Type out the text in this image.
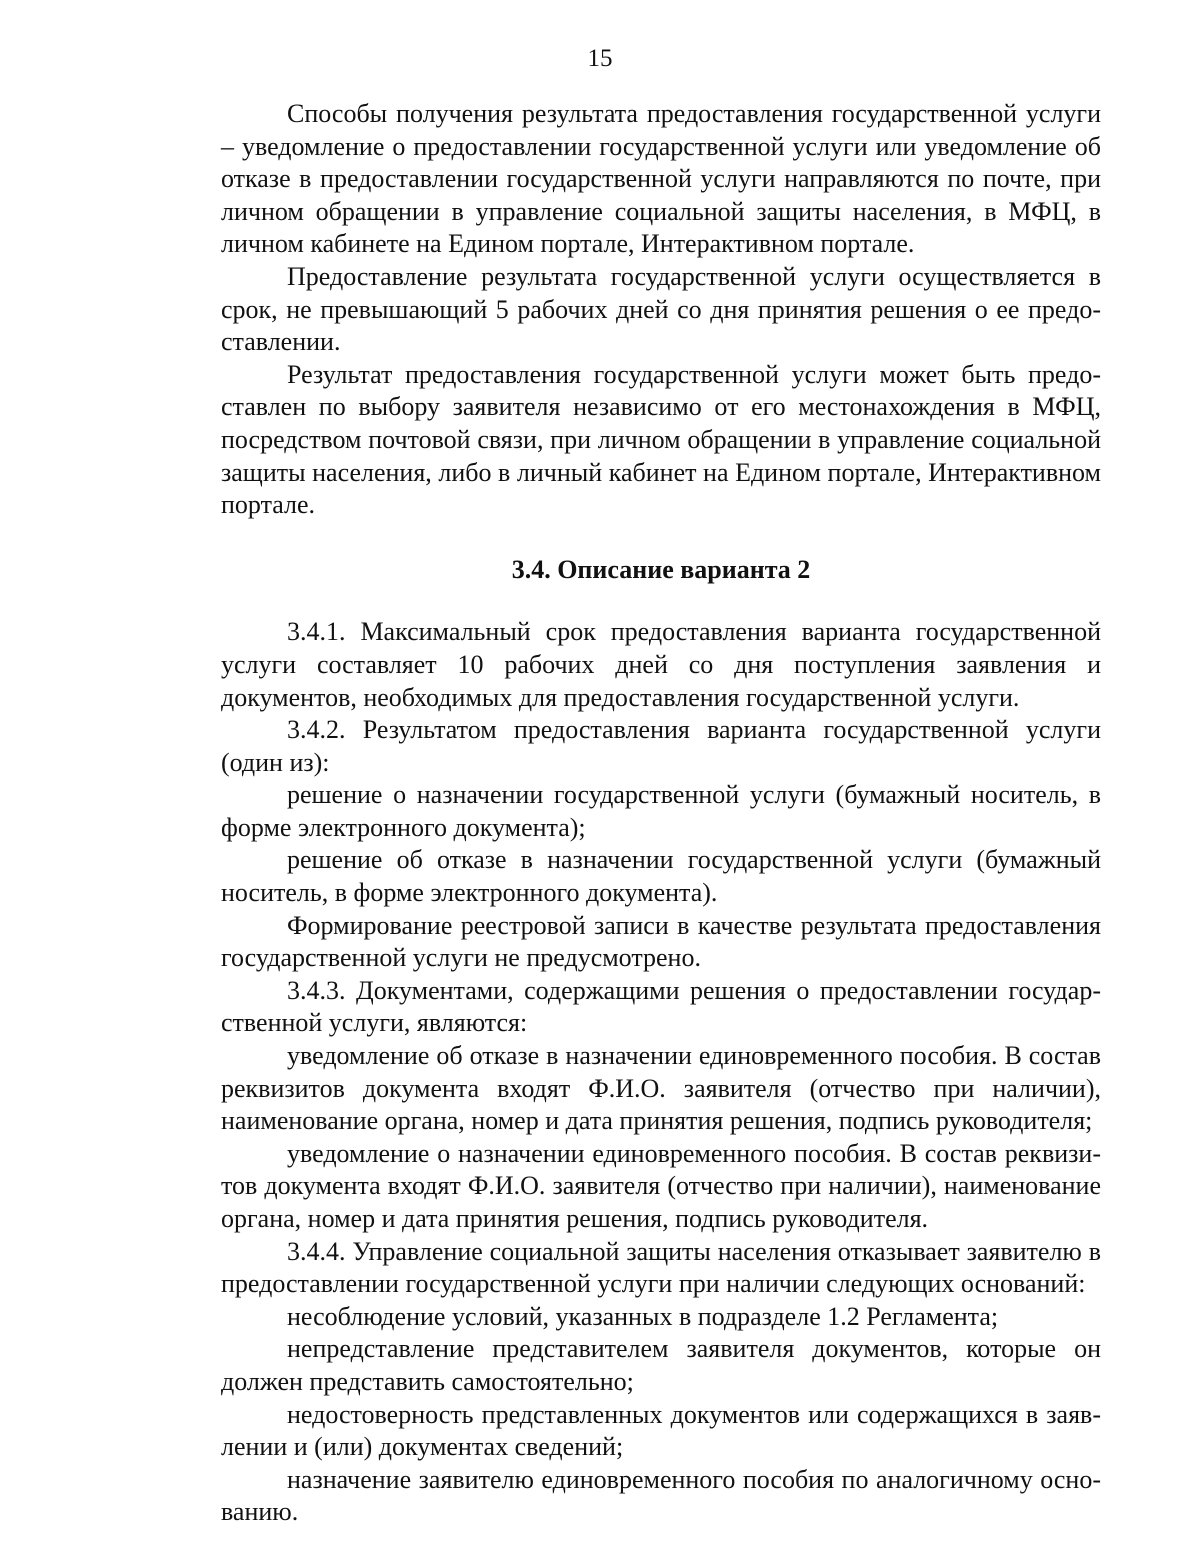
15

Способы получения результата предоставления государственной услуги – уведомление о предоставлении государственной услуги или уведомление об отказе в предоставлении государственной услуги направляются по почте, при личном обращении в управление социальной защиты населения, в МФЦ, в личном кабинете на Едином портале, Интерактивном портале.

Предоставление результата государственной услуги осуществляется в срок, не превышающий 5 рабочих дней со дня принятия решения о ее предоставлении.

Результат предоставления государственной услуги может быть предоставлен по выбору заявителя независимо от его местонахождения в МФЦ, посредством почтовой связи, при личном обращении в управление социальной защиты населения, либо в личный кабинет на Едином портале, Интерактивном портале.

3.4. Описание варианта 2

3.4.1. Максимальный срок предоставления варианта государственной услуги составляет 10 рабочих дней со дня поступления заявления и документов, необходимых для предоставления государственной услуги.

3.4.2. Результатом предоставления варианта государственной услуги (один из):

решение о назначении государственной услуги (бумажный носитель, в форме электронного документа);

решение об отказе в назначении государственной услуги (бумажный носитель, в форме электронного документа).

Формирование реестровой записи в качестве результата предоставления государственной услуги не предусмотрено.

3.4.3. Документами, содержащими решения о предоставлении государственной услуги, являются:

уведомление об отказе в назначении единовременного пособия. В состав реквизитов документа входят Ф.И.О. заявителя (отчество при наличии), наименование органа, номер и дата принятия решения, подпись руководителя;

уведомление о назначении единовременного пособия. В состав реквизитов документа входят Ф.И.О. заявителя (отчество при наличии), наименование органа, номер и дата принятия решения, подпись руководителя.

3.4.4. Управление социальной защиты населения отказывает заявителю в предоставлении государственной услуги при наличии следующих оснований:

несоблюдение условий, указанных в подразделе 1.2 Регламента;

непредставление представителем заявителя документов, которые он должен представить самостоятельно;

недостоверность представленных документов или содержащихся в заявлении и (или) документах сведений;

назначение заявителю единовременного пособия по аналогичному основанию.
